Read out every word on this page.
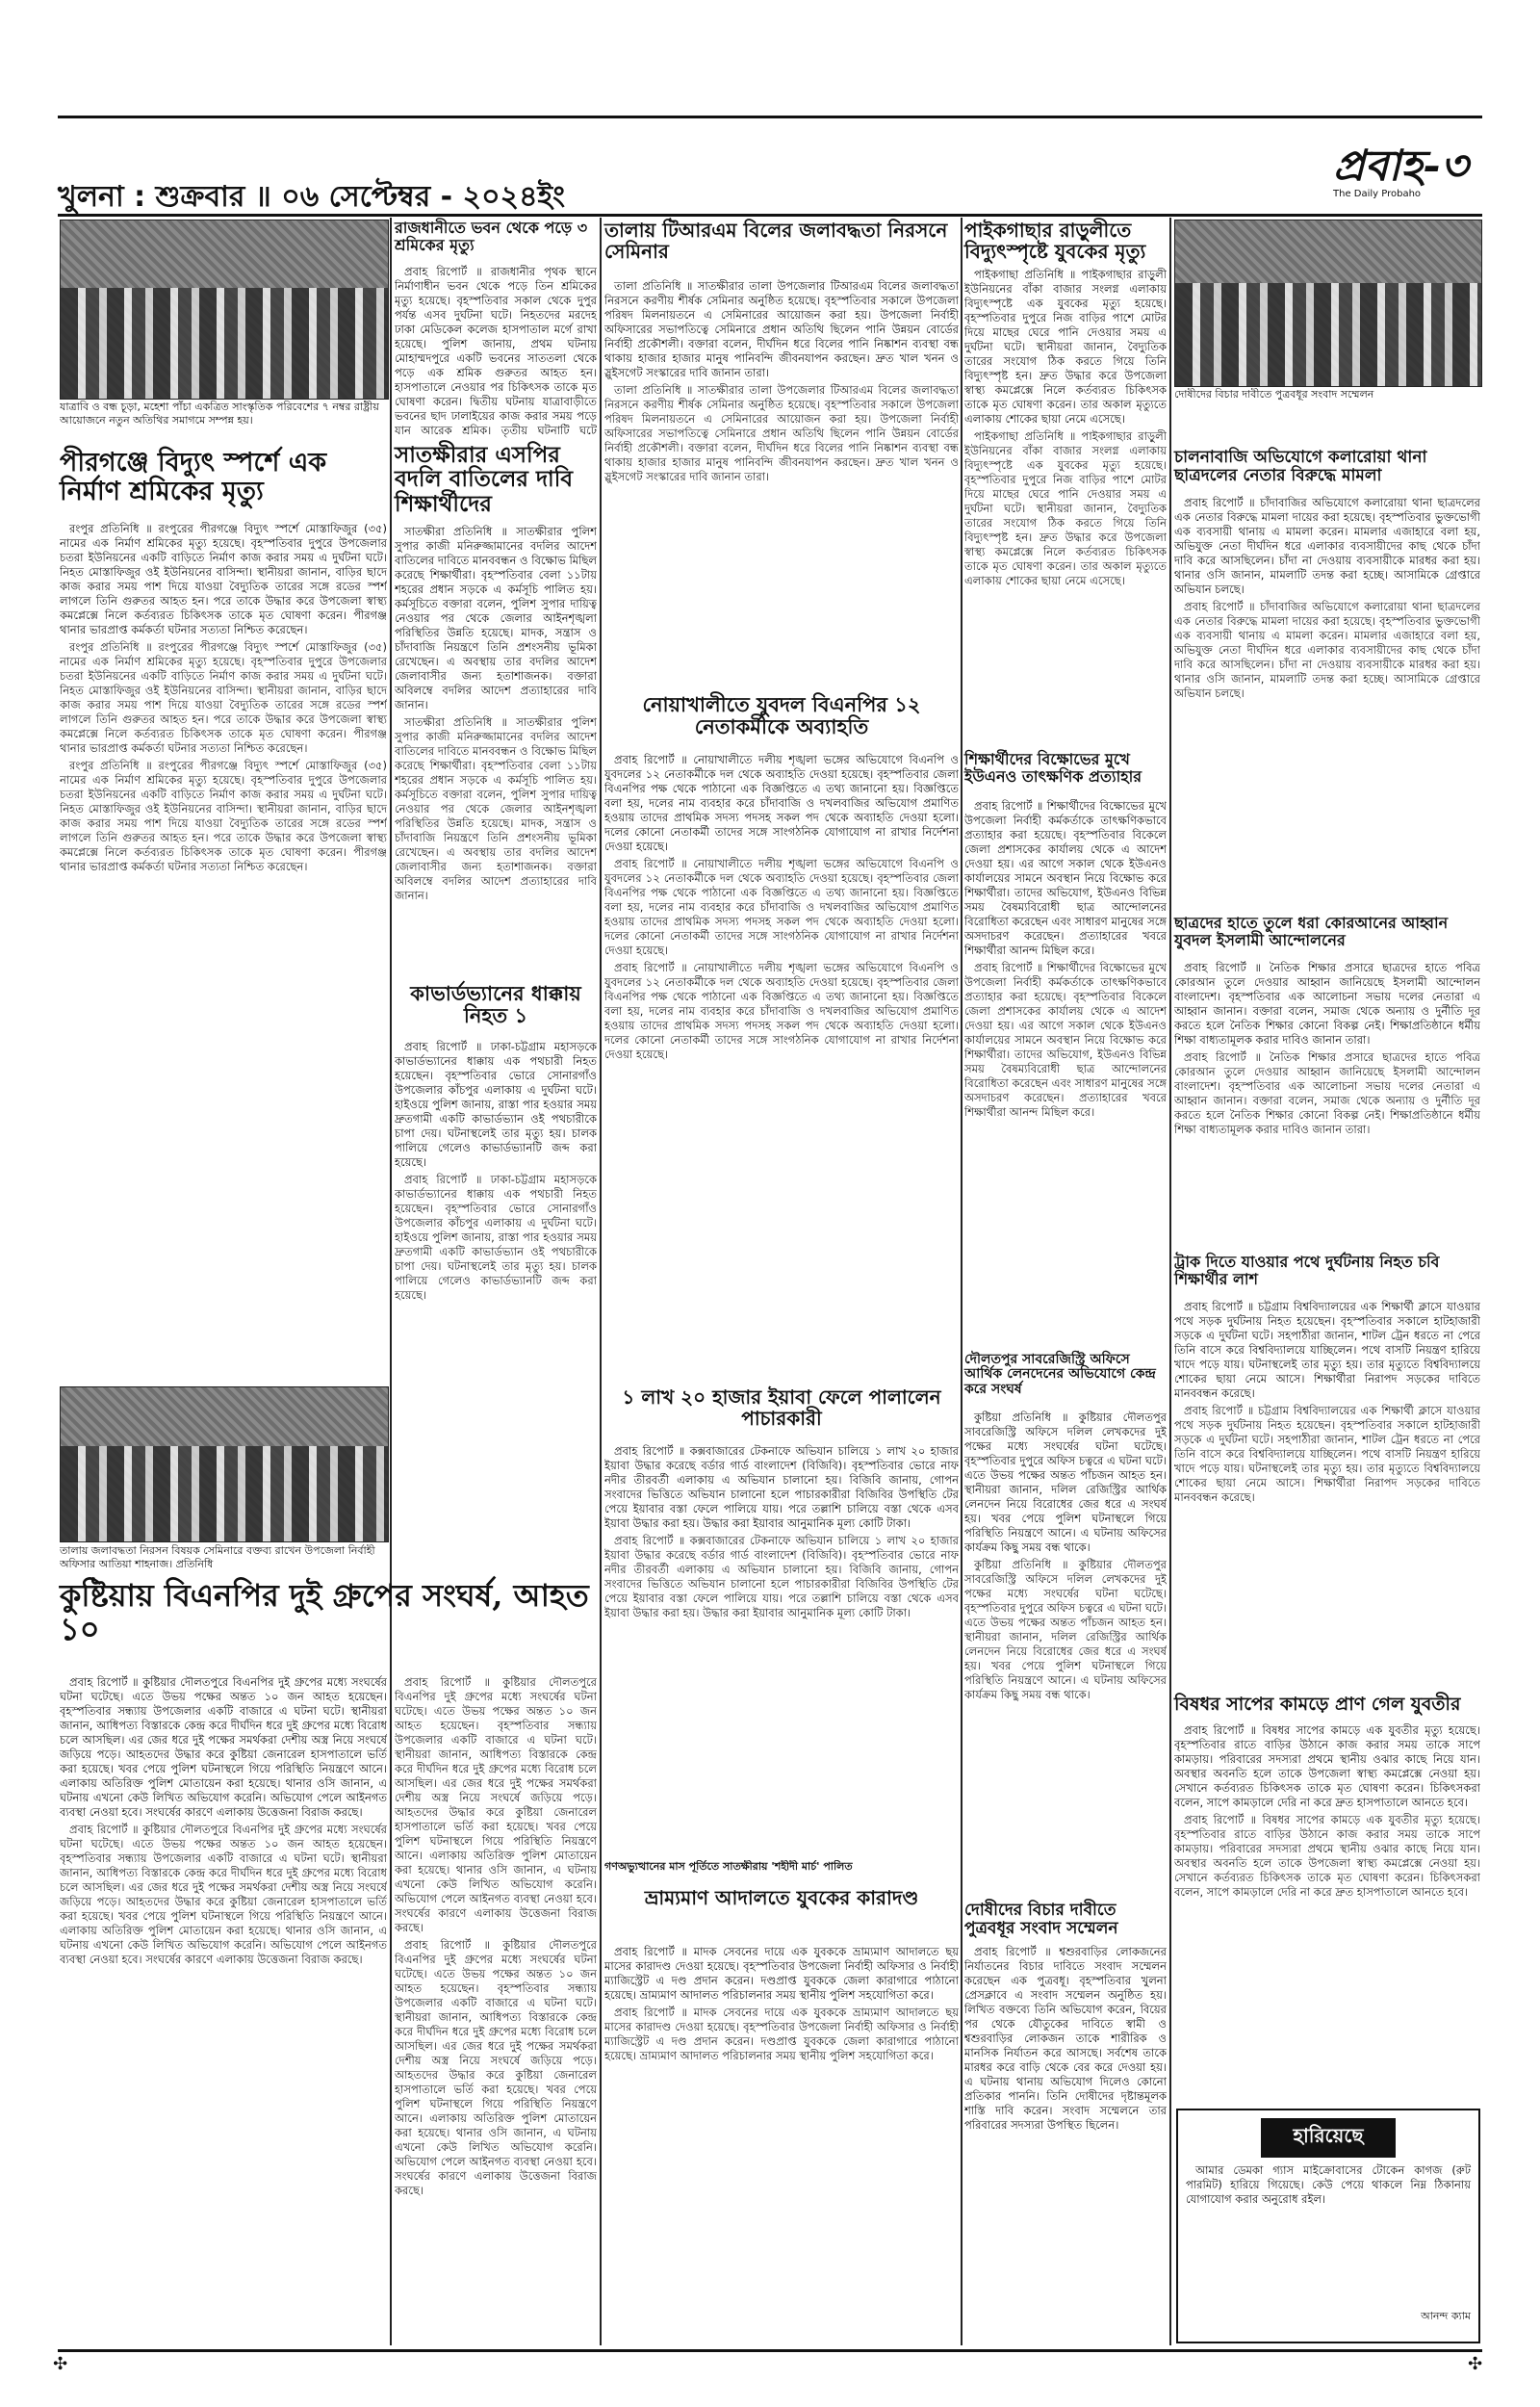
খুলনা : শুক্রবার ॥ ০৬ সেপ্টেম্বর - ২০২৪ইং
প্রবাহ-৩
The Daily Probaho
যাত্রাবি ও বন্ধ চূড়া, মহেশা পাঁচা একত্রিত সাংস্কৃতিক পরিবেশের ৭ নম্বর রাষ্ট্রীয় আয়োজনে নতুন অতিথির সমাগমে সম্পন্ন হয়।
পীরগঞ্জে বিদ্যুৎ স্পর্শে এক নির্মাণ শ্রমিকের মৃত্যু

রংপুর প্রতিনিধি ॥ রংপুরের পীরগঞ্জে বিদ্যুৎ স্পর্শে মোস্তাফিজুর (৩৫) নামের এক নির্মাণ শ্রমিকের মৃত্যু হয়েছে। বৃহস্পতিবার দুপুরে উপজেলার চতরা ইউনিয়নের একটি বাড়িতে নির্মাণ কাজ করার সময় এ দুর্ঘটনা ঘটে। নিহত মোস্তাফিজুর ওই ইউনিয়নের বাসিন্দা। স্থানীয়রা জানান, বাড়ির ছাদে কাজ করার সময় পাশ দিয়ে যাওয়া বৈদ্যুতিক তারের সঙ্গে রডের স্পর্শ লাগলে তিনি গুরুতর আহত হন। পরে তাকে উদ্ধার করে উপজেলা স্বাস্থ্য কমপ্লেক্সে নিলে কর্তব্যরত চিকিৎসক তাকে মৃত ঘোষণা করেন। পীরগঞ্জ থানার ভারপ্রাপ্ত কর্মকর্তা ঘটনার সত্যতা নিশ্চিত করেছেন।

রংপুর প্রতিনিধি ॥ রংপুরের পীরগঞ্জে বিদ্যুৎ স্পর্শে মোস্তাফিজুর (৩৫) নামের এক নির্মাণ শ্রমিকের মৃত্যু হয়েছে। বৃহস্পতিবার দুপুরে উপজেলার চতরা ইউনিয়নের একটি বাড়িতে নির্মাণ কাজ করার সময় এ দুর্ঘটনা ঘটে। নিহত মোস্তাফিজুর ওই ইউনিয়নের বাসিন্দা। স্থানীয়রা জানান, বাড়ির ছাদে কাজ করার সময় পাশ দিয়ে যাওয়া বৈদ্যুতিক তারের সঙ্গে রডের স্পর্শ লাগলে তিনি গুরুতর আহত হন। পরে তাকে উদ্ধার করে উপজেলা স্বাস্থ্য কমপ্লেক্সে নিলে কর্তব্যরত চিকিৎসক তাকে মৃত ঘোষণা করেন। পীরগঞ্জ থানার ভারপ্রাপ্ত কর্মকর্তা ঘটনার সত্যতা নিশ্চিত করেছেন।

রংপুর প্রতিনিধি ॥ রংপুরের পীরগঞ্জে বিদ্যুৎ স্পর্শে মোস্তাফিজুর (৩৫) নামের এক নির্মাণ শ্রমিকের মৃত্যু হয়েছে। বৃহস্পতিবার দুপুরে উপজেলার চতরা ইউনিয়নের একটি বাড়িতে নির্মাণ কাজ করার সময় এ দুর্ঘটনা ঘটে। নিহত মোস্তাফিজুর ওই ইউনিয়নের বাসিন্দা। স্থানীয়রা জানান, বাড়ির ছাদে কাজ করার সময় পাশ দিয়ে যাওয়া বৈদ্যুতিক তারের সঙ্গে রডের স্পর্শ লাগলে তিনি গুরুতর আহত হন। পরে তাকে উদ্ধার করে উপজেলা স্বাস্থ্য কমপ্লেক্সে নিলে কর্তব্যরত চিকিৎসক তাকে মৃত ঘোষণা করেন। পীরগঞ্জ থানার ভারপ্রাপ্ত কর্মকর্তা ঘটনার সত্যতা নিশ্চিত করেছেন।

সাতক্ষীরার এসপির বদলি বাতিলের দাবি শিক্ষার্থীদের

সাতক্ষীরা প্রতিনিধি ॥ সাতক্ষীরার পুলিশ সুপার কাজী মনিরুজ্জামানের বদলির আদেশ বাতিলের দাবিতে মানববন্ধন ও বিক্ষোভ মিছিল করেছে শিক্ষার্থীরা। বৃহস্পতিবার বেলা ১১টায় শহরের প্রধান সড়কে এ কর্মসূচি পালিত হয়। কর্মসূচিতে বক্তারা বলেন, পুলিশ সুপার দায়িত্ব নেওয়ার পর থেকে জেলার আইনশৃঙ্খলা পরিস্থিতির উন্নতি হয়েছে। মাদক, সন্ত্রাস ও চাঁদাবাজি নিয়ন্ত্রণে তিনি প্রশংসনীয় ভূমিকা রেখেছেন। এ অবস্থায় তার বদলির আদেশ জেলাবাসীর জন্য হতাশাজনক। বক্তারা অবিলম্বে বদলির আদেশ প্রত্যাহারের দাবি জানান।

সাতক্ষীরা প্রতিনিধি ॥ সাতক্ষীরার পুলিশ সুপার কাজী মনিরুজ্জামানের বদলির আদেশ বাতিলের দাবিতে মানববন্ধন ও বিক্ষোভ মিছিল করেছে শিক্ষার্থীরা। বৃহস্পতিবার বেলা ১১টায় শহরের প্রধান সড়কে এ কর্মসূচি পালিত হয়। কর্মসূচিতে বক্তারা বলেন, পুলিশ সুপার দায়িত্ব নেওয়ার পর থেকে জেলার আইনশৃঙ্খলা পরিস্থিতির উন্নতি হয়েছে। মাদক, সন্ত্রাস ও চাঁদাবাজি নিয়ন্ত্রণে তিনি প্রশংসনীয় ভূমিকা রেখেছেন। এ অবস্থায় তার বদলির আদেশ জেলাবাসীর জন্য হতাশাজনক। বক্তারা অবিলম্বে বদলির আদেশ প্রত্যাহারের দাবি জানান।

কাভার্ডভ্যানের ধাক্কায় নিহত ১

প্রবাহ রিপোর্ট ॥ ঢাকা-চট্টগ্রাম মহাসড়কে কাভার্ডভ্যানের ধাক্কায় এক পথচারী নিহত হয়েছেন। বৃহস্পতিবার ভোরে সোনারগাঁও উপজেলার কাঁচপুর এলাকায় এ দুর্ঘটনা ঘটে। হাইওয়ে পুলিশ জানায়, রাস্তা পার হওয়ার সময় দ্রুতগামী একটি কাভার্ডভ্যান ওই পথচারীকে চাপা দেয়। ঘটনাস্থলেই তার মৃত্যু হয়। চালক পালিয়ে গেলেও কাভার্ডভ্যানটি জব্দ করা হয়েছে।

প্রবাহ রিপোর্ট ॥ ঢাকা-চট্টগ্রাম মহাসড়কে কাভার্ডভ্যানের ধাক্কায় এক পথচারী নিহত হয়েছেন। বৃহস্পতিবার ভোরে সোনারগাঁও উপজেলার কাঁচপুর এলাকায় এ দুর্ঘটনা ঘটে। হাইওয়ে পুলিশ জানায়, রাস্তা পার হওয়ার সময় দ্রুতগামী একটি কাভার্ডভ্যান ওই পথচারীকে চাপা দেয়। ঘটনাস্থলেই তার মৃত্যু হয়। চালক পালিয়ে গেলেও কাভার্ডভ্যানটি জব্দ করা হয়েছে।

তালায় টিআরএম বিলের জলাবদ্ধতা নিরসনে সেমিনার

তালা প্রতিনিধি ॥ সাতক্ষীরার তালা উপজেলার টিআরএম বিলের জলাবদ্ধতা নিরসনে করণীয় শীর্ষক সেমিনার অনুষ্ঠিত হয়েছে। বৃহস্পতিবার সকালে উপজেলা পরিষদ মিলনায়তনে এ সেমিনারের আয়োজন করা হয়। উপজেলা নির্বাহী অফিসারের সভাপতিত্বে সেমিনারে প্রধান অতিথি ছিলেন পানি উন্নয়ন বোর্ডের নির্বাহী প্রকৌশলী। বক্তারা বলেন, দীর্ঘদিন ধরে বিলের পানি নিষ্কাশন ব্যবস্থা বন্ধ থাকায় হাজার হাজার মানুষ পানিবন্দি জীবনযাপন করছেন। দ্রুত খাল খনন ও স্লুইসগেট সংস্কারের দাবি জানান তারা।

তালা প্রতিনিধি ॥ সাতক্ষীরার তালা উপজেলার টিআরএম বিলের জলাবদ্ধতা নিরসনে করণীয় শীর্ষক সেমিনার অনুষ্ঠিত হয়েছে। বৃহস্পতিবার সকালে উপজেলা পরিষদ মিলনায়তনে এ সেমিনারের আয়োজন করা হয়। উপজেলা নির্বাহী অফিসারের সভাপতিত্বে সেমিনারে প্রধান অতিথি ছিলেন পানি উন্নয়ন বোর্ডের নির্বাহী প্রকৌশলী। বক্তারা বলেন, দীর্ঘদিন ধরে বিলের পানি নিষ্কাশন ব্যবস্থা বন্ধ থাকায় হাজার হাজার মানুষ পানিবন্দি জীবনযাপন করছেন। দ্রুত খাল খনন ও স্লুইসগেট সংস্কারের দাবি জানান তারা।

নোয়াখালীতে যুবদল বিএনপির ১২ নেতাকর্মীকে অব্যাহতি

প্রবাহ রিপোর্ট ॥ নোয়াখালীতে দলীয় শৃঙ্খলা ভঙ্গের অভিযোগে বিএনপি ও যুবদলের ১২ নেতাকর্মীকে দল থেকে অব্যাহতি দেওয়া হয়েছে। বৃহস্পতিবার জেলা বিএনপির পক্ষ থেকে পাঠানো এক বিজ্ঞপ্তিতে এ তথ্য জানানো হয়। বিজ্ঞপ্তিতে বলা হয়, দলের নাম ব্যবহার করে চাঁদাবাজি ও দখলবাজির অভিযোগ প্রমাণিত হওয়ায় তাদের প্রাথমিক সদস্য পদসহ সকল পদ থেকে অব্যাহতি দেওয়া হলো। দলের কোনো নেতাকর্মী তাদের সঙ্গে সাংগঠনিক যোগাযোগ না রাখার নির্দেশনা দেওয়া হয়েছে।

প্রবাহ রিপোর্ট ॥ নোয়াখালীতে দলীয় শৃঙ্খলা ভঙ্গের অভিযোগে বিএনপি ও যুবদলের ১২ নেতাকর্মীকে দল থেকে অব্যাহতি দেওয়া হয়েছে। বৃহস্পতিবার জেলা বিএনপির পক্ষ থেকে পাঠানো এক বিজ্ঞপ্তিতে এ তথ্য জানানো হয়। বিজ্ঞপ্তিতে বলা হয়, দলের নাম ব্যবহার করে চাঁদাবাজি ও দখলবাজির অভিযোগ প্রমাণিত হওয়ায় তাদের প্রাথমিক সদস্য পদসহ সকল পদ থেকে অব্যাহতি দেওয়া হলো। দলের কোনো নেতাকর্মী তাদের সঙ্গে সাংগঠনিক যোগাযোগ না রাখার নির্দেশনা দেওয়া হয়েছে।

প্রবাহ রিপোর্ট ॥ নোয়াখালীতে দলীয় শৃঙ্খলা ভঙ্গের অভিযোগে বিএনপি ও যুবদলের ১২ নেতাকর্মীকে দল থেকে অব্যাহতি দেওয়া হয়েছে। বৃহস্পতিবার জেলা বিএনপির পক্ষ থেকে পাঠানো এক বিজ্ঞপ্তিতে এ তথ্য জানানো হয়। বিজ্ঞপ্তিতে বলা হয়, দলের নাম ব্যবহার করে চাঁদাবাজি ও দখলবাজির অভিযোগ প্রমাণিত হওয়ায় তাদের প্রাথমিক সদস্য পদসহ সকল পদ থেকে অব্যাহতি দেওয়া হলো। দলের কোনো নেতাকর্মী তাদের সঙ্গে সাংগঠনিক যোগাযোগ না রাখার নির্দেশনা দেওয়া হয়েছে।

পাইকগাছার রাড়ুলীতে বিদ্যুৎস্পৃষ্টে যুবকের মৃত্যু

পাইকগাছা প্রতিনিধি ॥ পাইকগাছার রাড়ুলী ইউনিয়নের বাঁকা বাজার সংলগ্ন এলাকায় বিদ্যুৎস্পৃষ্টে এক যুবকের মৃত্যু হয়েছে। বৃহস্পতিবার দুপুরে নিজ বাড়ির পাশে মোটর দিয়ে মাছের ঘেরে পানি দেওয়ার সময় এ দুর্ঘটনা ঘটে। স্থানীয়রা জানান, বৈদ্যুতিক তারের সংযোগ ঠিক করতে গিয়ে তিনি বিদ্যুৎস্পৃষ্ট হন। দ্রুত উদ্ধার করে উপজেলা স্বাস্থ্য কমপ্লেক্সে নিলে কর্তব্যরত চিকিৎসক তাকে মৃত ঘোষণা করেন। তার অকাল মৃত্যুতে এলাকায় শোকের ছায়া নেমে এসেছে।

পাইকগাছা প্রতিনিধি ॥ পাইকগাছার রাড়ুলী ইউনিয়নের বাঁকা বাজার সংলগ্ন এলাকায় বিদ্যুৎস্পৃষ্টে এক যুবকের মৃত্যু হয়েছে। বৃহস্পতিবার দুপুরে নিজ বাড়ির পাশে মোটর দিয়ে মাছের ঘেরে পানি দেওয়ার সময় এ দুর্ঘটনা ঘটে। স্থানীয়রা জানান, বৈদ্যুতিক তারের সংযোগ ঠিক করতে গিয়ে তিনি বিদ্যুৎস্পৃষ্ট হন। দ্রুত উদ্ধার করে উপজেলা স্বাস্থ্য কমপ্লেক্সে নিলে কর্তব্যরত চিকিৎসক তাকে মৃত ঘোষণা করেন। তার অকাল মৃত্যুতে এলাকায় শোকের ছায়া নেমে এসেছে।

দোষীদের বিচার দাবীতে পুত্রবধূর সংবাদ সম্মেলন
চালনাবাজি অভিযোগে কলারোয়া থানা ছাত্রদলের নেতার বিরুদ্ধে মামলা

প্রবাহ রিপোর্ট ॥ চাঁদাবাজির অভিযোগে কলারোয়া থানা ছাত্রদলের এক নেতার বিরুদ্ধে মামলা দায়ের করা হয়েছে। বৃহস্পতিবার ভুক্তভোগী এক ব্যবসায়ী থানায় এ মামলা করেন। মামলার এজাহারে বলা হয়, অভিযুক্ত নেতা দীর্ঘদিন ধরে এলাকার ব্যবসায়ীদের কাছ থেকে চাঁদা দাবি করে আসছিলেন। চাঁদা না দেওয়ায় ব্যবসায়ীকে মারধর করা হয়। থানার ওসি জানান, মামলাটি তদন্ত করা হচ্ছে। আসামিকে গ্রেপ্তারে অভিযান চলছে।

প্রবাহ রিপোর্ট ॥ চাঁদাবাজির অভিযোগে কলারোয়া থানা ছাত্রদলের এক নেতার বিরুদ্ধে মামলা দায়ের করা হয়েছে। বৃহস্পতিবার ভুক্তভোগী এক ব্যবসায়ী থানায় এ মামলা করেন। মামলার এজাহারে বলা হয়, অভিযুক্ত নেতা দীর্ঘদিন ধরে এলাকার ব্যবসায়ীদের কাছ থেকে চাঁদা দাবি করে আসছিলেন। চাঁদা না দেওয়ায় ব্যবসায়ীকে মারধর করা হয়। থানার ওসি জানান, মামলাটি তদন্ত করা হচ্ছে। আসামিকে গ্রেপ্তারে অভিযান চলছে।

ছাত্রদের হাতে তুলে ধরা কোরআনের আহ্বান যুবদল ইসলামী আন্দোলনের

প্রবাহ রিপোর্ট ॥ নৈতিক শিক্ষার প্রসারে ছাত্রদের হাতে পবিত্র কোরআন তুলে দেওয়ার আহ্বান জানিয়েছে ইসলামী আন্দোলন বাংলাদেশ। বৃহস্পতিবার এক আলোচনা সভায় দলের নেতারা এ আহ্বান জানান। বক্তারা বলেন, সমাজ থেকে অন্যায় ও দুর্নীতি দূর করতে হলে নৈতিক শিক্ষার কোনো বিকল্প নেই। শিক্ষাপ্রতিষ্ঠানে ধর্মীয় শিক্ষা বাধ্যতামূলক করার দাবিও জানান তারা।

প্রবাহ রিপোর্ট ॥ নৈতিক শিক্ষার প্রসারে ছাত্রদের হাতে পবিত্র কোরআন তুলে দেওয়ার আহ্বান জানিয়েছে ইসলামী আন্দোলন বাংলাদেশ। বৃহস্পতিবার এক আলোচনা সভায় দলের নেতারা এ আহ্বান জানান। বক্তারা বলেন, সমাজ থেকে অন্যায় ও দুর্নীতি দূর করতে হলে নৈতিক শিক্ষার কোনো বিকল্প নেই। শিক্ষাপ্রতিষ্ঠানে ধর্মীয় শিক্ষা বাধ্যতামূলক করার দাবিও জানান তারা।

ট্রাক দিতে যাওয়ার পথে দুর্ঘটনায় নিহত চবি শিক্ষার্থীর লাশ

প্রবাহ রিপোর্ট ॥ চট্টগ্রাম বিশ্ববিদ্যালয়ের এক শিক্ষার্থী ক্লাসে যাওয়ার পথে সড়ক দুর্ঘটনায় নিহত হয়েছেন। বৃহস্পতিবার সকালে হাটহাজারী সড়কে এ দুর্ঘটনা ঘটে। সহপাঠীরা জানান, শাটল ট্রেন ধরতে না পেরে তিনি বাসে করে বিশ্ববিদ্যালয়ে যাচ্ছিলেন। পথে বাসটি নিয়ন্ত্রণ হারিয়ে খাদে পড়ে যায়। ঘটনাস্থলেই তার মৃত্যু হয়। তার মৃত্যুতে বিশ্ববিদ্যালয়ে শোকের ছায়া নেমে আসে। শিক্ষার্থীরা নিরাপদ সড়কের দাবিতে মানববন্ধন করেছে।

প্রবাহ রিপোর্ট ॥ চট্টগ্রাম বিশ্ববিদ্যালয়ের এক শিক্ষার্থী ক্লাসে যাওয়ার পথে সড়ক দুর্ঘটনায় নিহত হয়েছেন। বৃহস্পতিবার সকালে হাটহাজারী সড়কে এ দুর্ঘটনা ঘটে। সহপাঠীরা জানান, শাটল ট্রেন ধরতে না পেরে তিনি বাসে করে বিশ্ববিদ্যালয়ে যাচ্ছিলেন। পথে বাসটি নিয়ন্ত্রণ হারিয়ে খাদে পড়ে যায়। ঘটনাস্থলেই তার মৃত্যু হয়। তার মৃত্যুতে বিশ্ববিদ্যালয়ে শোকের ছায়া নেমে আসে। শিক্ষার্থীরা নিরাপদ সড়কের দাবিতে মানববন্ধন করেছে।

বিষধর সাপের কামড়ে প্রাণ গেল যুবতীর

প্রবাহ রিপোর্ট ॥ বিষধর সাপের কামড়ে এক যুবতীর মৃত্যু হয়েছে। বৃহস্পতিবার রাতে বাড়ির উঠানে কাজ করার সময় তাকে সাপে কামড়ায়। পরিবারের সদস্যরা প্রথমে স্থানীয় ওঝার কাছে নিয়ে যান। অবস্থার অবনতি হলে তাকে উপজেলা স্বাস্থ্য কমপ্লেক্সে নেওয়া হয়। সেখানে কর্তব্যরত চিকিৎসক তাকে মৃত ঘোষণা করেন। চিকিৎসকরা বলেন, সাপে কামড়ালে দেরি না করে দ্রুত হাসপাতালে আনতে হবে।

প্রবাহ রিপোর্ট ॥ বিষধর সাপের কামড়ে এক যুবতীর মৃত্যু হয়েছে। বৃহস্পতিবার রাতে বাড়ির উঠানে কাজ করার সময় তাকে সাপে কামড়ায়। পরিবারের সদস্যরা প্রথমে স্থানীয় ওঝার কাছে নিয়ে যান। অবস্থার অবনতি হলে তাকে উপজেলা স্বাস্থ্য কমপ্লেক্সে নেওয়া হয়। সেখানে কর্তব্যরত চিকিৎসক তাকে মৃত ঘোষণা করেন। চিকিৎসকরা বলেন, সাপে কামড়ালে দেরি না করে দ্রুত হাসপাতালে আনতে হবে।

দোষীদের বিচার দাবীতে পুত্রবধূর সংবাদ সম্মেলন

প্রবাহ রিপোর্ট ॥ শ্বশুরবাড়ির লোকজনের নির্যাতনের বিচার দাবিতে সংবাদ সম্মেলন করেছেন এক পুত্রবধূ। বৃহস্পতিবার খুলনা প্রেসক্লাবে এ সংবাদ সম্মেলন অনুষ্ঠিত হয়। লিখিত বক্তব্যে তিনি অভিযোগ করেন, বিয়ের পর থেকে যৌতুকের দাবিতে স্বামী ও শ্বশুরবাড়ির লোকজন তাকে শারীরিক ও মানসিক নির্যাতন করে আসছে। সর্বশেষ তাকে মারধর করে বাড়ি থেকে বের করে দেওয়া হয়। এ ঘটনায় থানায় অভিযোগ দিলেও কোনো প্রতিকার পাননি। তিনি দোষীদের দৃষ্টান্তমূলক শাস্তি দাবি করেন। সংবাদ সম্মেলনে তার পরিবারের সদস্যরা উপস্থিত ছিলেন।	হারিয়েছে

আমার ডেমকা গ্যাস মাইক্রোবাসের টোকেন কাগজ (রুট পারমিট) হারিয়ে গিয়েছে। কেউ পেয়ে থাকলে নিম্ন ঠিকানায় যোগাযোগ করার অনুরোধ রইল।

আনন্দ ক্যাম
শিক্ষার্থীদের বিক্ষোভের মুখে ইউএনও তাৎক্ষণিক প্রত্যাহার

প্রবাহ রিপোর্ট ॥ শিক্ষার্থীদের বিক্ষোভের মুখে উপজেলা নির্বাহী কর্মকর্তাকে তাৎক্ষণিকভাবে প্রত্যাহার করা হয়েছে। বৃহস্পতিবার বিকেলে জেলা প্রশাসকের কার্যালয় থেকে এ আদেশ দেওয়া হয়। এর আগে সকাল থেকে ইউএনও কার্যালয়ের সামনে অবস্থান নিয়ে বিক্ষোভ করে শিক্ষার্থীরা। তাদের অভিযোগ, ইউএনও বিভিন্ন সময় বৈষম্যবিরোধী ছাত্র আন্দোলনের বিরোধিতা করেছেন এবং সাধারণ মানুষের সঙ্গে অসদাচরণ করেছেন। প্রত্যাহারের খবরে শিক্ষার্থীরা আনন্দ মিছিল করে।

প্রবাহ রিপোর্ট ॥ শিক্ষার্থীদের বিক্ষোভের মুখে উপজেলা নির্বাহী কর্মকর্তাকে তাৎক্ষণিকভাবে প্রত্যাহার করা হয়েছে। বৃহস্পতিবার বিকেলে জেলা প্রশাসকের কার্যালয় থেকে এ আদেশ দেওয়া হয়। এর আগে সকাল থেকে ইউএনও কার্যালয়ের সামনে অবস্থান নিয়ে বিক্ষোভ করে শিক্ষার্থীরা। তাদের অভিযোগ, ইউএনও বিভিন্ন সময় বৈষম্যবিরোধী ছাত্র আন্দোলনের বিরোধিতা করেছেন এবং সাধারণ মানুষের সঙ্গে অসদাচরণ করেছেন। প্রত্যাহারের খবরে শিক্ষার্থীরা আনন্দ মিছিল করে।

দৌলতপুর সাবরেজিস্ট্রি অফিসে আর্থিক লেনদেনের অভিযোগে কেন্দ্র করে সংঘর্ষ

কুষ্টিয়া প্রতিনিধি ॥ কুষ্টিয়ার দৌলতপুর সাবরেজিস্ট্রি অফিসে দলিল লেখকদের দুই পক্ষের মধ্যে সংঘর্ষের ঘটনা ঘটেছে। বৃহস্পতিবার দুপুরে অফিস চত্বরে এ ঘটনা ঘটে। এতে উভয় পক্ষের অন্তত পাঁচজন আহত হন। স্থানীয়রা জানান, দলিল রেজিস্ট্রির আর্থিক লেনদেন নিয়ে বিরোধের জের ধরে এ সংঘর্ষ হয়। খবর পেয়ে পুলিশ ঘটনাস্থলে গিয়ে পরিস্থিতি নিয়ন্ত্রণে আনে। এ ঘটনায় অফিসের কার্যক্রম কিছু সময় বন্ধ থাকে।

কুষ্টিয়া প্রতিনিধি ॥ কুষ্টিয়ার দৌলতপুর সাবরেজিস্ট্রি অফিসে দলিল লেখকদের দুই পক্ষের মধ্যে সংঘর্ষের ঘটনা ঘটেছে। বৃহস্পতিবার দুপুরে অফিস চত্বরে এ ঘটনা ঘটে। এতে উভয় পক্ষের অন্তত পাঁচজন আহত হন। স্থানীয়রা জানান, দলিল রেজিস্ট্রির আর্থিক লেনদেন নিয়ে বিরোধের জের ধরে এ সংঘর্ষ হয়। খবর পেয়ে পুলিশ ঘটনাস্থলে গিয়ে পরিস্থিতি নিয়ন্ত্রণে আনে। এ ঘটনায় অফিসের কার্যক্রম কিছু সময় বন্ধ থাকে।

তালায় জলাবদ্ধতা নিরসন বিষয়ক সেমিনারে বক্তব্য রাখেন উপজেলা নির্বাহী অফিসার আতিয়া শাহনাজ। প্রতিনিধি
কুষ্টিয়ায় বিএনপির দুই গ্রুপের সংঘর্ষ, আহত ১০

প্রবাহ রিপোর্ট ॥ কুষ্টিয়ার দৌলতপুরে বিএনপির দুই গ্রুপের মধ্যে সংঘর্ষের ঘটনা ঘটেছে। এতে উভয় পক্ষের অন্তত ১০ জন আহত হয়েছেন। বৃহস্পতিবার সন্ধ্যায় উপজেলার একটি বাজারে এ ঘটনা ঘটে। স্থানীয়রা জানান, আধিপত্য বিস্তারকে কেন্দ্র করে দীর্ঘদিন ধরে দুই গ্রুপের মধ্যে বিরোধ চলে আসছিল। এর জের ধরে দুই পক্ষের সমর্থকরা দেশীয় অস্ত্র নিয়ে সংঘর্ষে জড়িয়ে পড়ে। আহতদের উদ্ধার করে কুষ্টিয়া জেনারেল হাসপাতালে ভর্তি করা হয়েছে। খবর পেয়ে পুলিশ ঘটনাস্থলে গিয়ে পরিস্থিতি নিয়ন্ত্রণে আনে। এলাকায় অতিরিক্ত পুলিশ মোতায়েন করা হয়েছে। থানার ওসি জানান, এ ঘটনায় এখনো কেউ লিখিত অভিযোগ করেনি। অভিযোগ পেলে আইনগত ব্যবস্থা নেওয়া হবে। সংঘর্ষের কারণে এলাকায় উত্তেজনা বিরাজ করছে।

প্রবাহ রিপোর্ট ॥ কুষ্টিয়ার দৌলতপুরে বিএনপির দুই গ্রুপের মধ্যে সংঘর্ষের ঘটনা ঘটেছে। এতে উভয় পক্ষের অন্তত ১০ জন আহত হয়েছেন। বৃহস্পতিবার সন্ধ্যায় উপজেলার একটি বাজারে এ ঘটনা ঘটে। স্থানীয়রা জানান, আধিপত্য বিস্তারকে কেন্দ্র করে দীর্ঘদিন ধরে দুই গ্রুপের মধ্যে বিরোধ চলে আসছিল। এর জের ধরে দুই পক্ষের সমর্থকরা দেশীয় অস্ত্র নিয়ে সংঘর্ষে জড়িয়ে পড়ে। আহতদের উদ্ধার করে কুষ্টিয়া জেনারেল হাসপাতালে ভর্তি করা হয়েছে। খবর পেয়ে পুলিশ ঘটনাস্থলে গিয়ে পরিস্থিতি নিয়ন্ত্রণে আনে। এলাকায় অতিরিক্ত পুলিশ মোতায়েন করা হয়েছে। থানার ওসি জানান, এ ঘটনায় এখনো কেউ লিখিত অভিযোগ করেনি। অভিযোগ পেলে আইনগত ব্যবস্থা নেওয়া হবে। সংঘর্ষের কারণে এলাকায় উত্তেজনা বিরাজ করছে।

প্রবাহ রিপোর্ট ॥ কুষ্টিয়ার দৌলতপুরে বিএনপির দুই গ্রুপের মধ্যে সংঘর্ষের ঘটনা ঘটেছে। এতে উভয় পক্ষের অন্তত ১০ জন আহত হয়েছেন। বৃহস্পতিবার সন্ধ্যায় উপজেলার একটি বাজারে এ ঘটনা ঘটে। স্থানীয়রা জানান, আধিপত্য বিস্তারকে কেন্দ্র করে দীর্ঘদিন ধরে দুই গ্রুপের মধ্যে বিরোধ চলে আসছিল। এর জের ধরে দুই পক্ষের সমর্থকরা দেশীয় অস্ত্র নিয়ে সংঘর্ষে জড়িয়ে পড়ে। আহতদের উদ্ধার করে কুষ্টিয়া জেনারেল হাসপাতালে ভর্তি করা হয়েছে। খবর পেয়ে পুলিশ ঘটনাস্থলে গিয়ে পরিস্থিতি নিয়ন্ত্রণে আনে। এলাকায় অতিরিক্ত পুলিশ মোতায়েন করা হয়েছে। থানার ওসি জানান, এ ঘটনায় এখনো কেউ লিখিত অভিযোগ করেনি। অভিযোগ পেলে আইনগত ব্যবস্থা নেওয়া হবে। সংঘর্ষের কারণে এলাকায় উত্তেজনা বিরাজ করছে।

প্রবাহ রিপোর্ট ॥ কুষ্টিয়ার দৌলতপুরে বিএনপির দুই গ্রুপের মধ্যে সংঘর্ষের ঘটনা ঘটেছে। এতে উভয় পক্ষের অন্তত ১০ জন আহত হয়েছেন। বৃহস্পতিবার সন্ধ্যায় উপজেলার একটি বাজারে এ ঘটনা ঘটে। স্থানীয়রা জানান, আধিপত্য বিস্তারকে কেন্দ্র করে দীর্ঘদিন ধরে দুই গ্রুপের মধ্যে বিরোধ চলে আসছিল। এর জের ধরে দুই পক্ষের সমর্থকরা দেশীয় অস্ত্র নিয়ে সংঘর্ষে জড়িয়ে পড়ে। আহতদের উদ্ধার করে কুষ্টিয়া জেনারেল হাসপাতালে ভর্তি করা হয়েছে। খবর পেয়ে পুলিশ ঘটনাস্থলে গিয়ে পরিস্থিতি নিয়ন্ত্রণে আনে। এলাকায় অতিরিক্ত পুলিশ মোতায়েন করা হয়েছে। থানার ওসি জানান, এ ঘটনায় এখনো কেউ লিখিত অভিযোগ করেনি। অভিযোগ পেলে আইনগত ব্যবস্থা নেওয়া হবে। সংঘর্ষের কারণে এলাকায় উত্তেজনা বিরাজ করছে।

১ লাখ ২০ হাজার ইয়াবা ফেলে পালালেন পাচারকারী

প্রবাহ রিপোর্ট ॥ কক্সবাজারের টেকনাফে অভিযান চালিয়ে ১ লাখ ২০ হাজার ইয়াবা উদ্ধার করেছে বর্ডার গার্ড বাংলাদেশ (বিজিবি)। বৃহস্পতিবার ভোরে নাফ নদীর তীরবর্তী এলাকায় এ অভিযান চালানো হয়। বিজিবি জানায়, গোপন সংবাদের ভিত্তিতে অভিযান চালানো হলে পাচারকারীরা বিজিবির উপস্থিতি টের পেয়ে ইয়াবার বস্তা ফেলে পালিয়ে যায়। পরে তল্লাশি চালিয়ে বস্তা থেকে এসব ইয়াবা উদ্ধার করা হয়। উদ্ধার করা ইয়াবার আনুমানিক মূল্য কোটি টাকা।

প্রবাহ রিপোর্ট ॥ কক্সবাজারের টেকনাফে অভিযান চালিয়ে ১ লাখ ২০ হাজার ইয়াবা উদ্ধার করেছে বর্ডার গার্ড বাংলাদেশ (বিজিবি)। বৃহস্পতিবার ভোরে নাফ নদীর তীরবর্তী এলাকায় এ অভিযান চালানো হয়। বিজিবি জানায়, গোপন সংবাদের ভিত্তিতে অভিযান চালানো হলে পাচারকারীরা বিজিবির উপস্থিতি টের পেয়ে ইয়াবার বস্তা ফেলে পালিয়ে যায়। পরে তল্লাশি চালিয়ে বস্তা থেকে এসব ইয়াবা উদ্ধার করা হয়। উদ্ধার করা ইয়াবার আনুমানিক মূল্য কোটি টাকা।

ভ্রাম্যমাণ আদালতে যুবকের কারাদণ্ড

প্রবাহ রিপোর্ট ॥ মাদক সেবনের দায়ে এক যুবককে ভ্রাম্যমাণ আদালতে ছয় মাসের কারাদণ্ড দেওয়া হয়েছে। বৃহস্পতিবার উপজেলা নির্বাহী অফিসার ও নির্বাহী ম্যাজিস্ট্রেট এ দণ্ড প্রদান করেন। দণ্ডপ্রাপ্ত যুবককে জেলা কারাগারে পাঠানো হয়েছে। ভ্রাম্যমাণ আদালত পরিচালনার সময় স্থানীয় পুলিশ সহযোগিতা করে।

প্রবাহ রিপোর্ট ॥ মাদক সেবনের দায়ে এক যুবককে ভ্রাম্যমাণ আদালতে ছয় মাসের কারাদণ্ড দেওয়া হয়েছে। বৃহস্পতিবার উপজেলা নির্বাহী অফিসার ও নির্বাহী ম্যাজিস্ট্রেট এ দণ্ড প্রদান করেন। দণ্ডপ্রাপ্ত যুবককে জেলা কারাগারে পাঠানো হয়েছে। ভ্রাম্যমাণ আদালত পরিচালনার সময় স্থানীয় পুলিশ সহযোগিতা করে।

রাজধানীতে ভবন থেকে পড়ে ৩ শ্রমিকের মৃত্যু

প্রবাহ রিপোর্ট ॥ রাজধানীর পৃথক স্থানে নির্মাণাধীন ভবন থেকে পড়ে তিন শ্রমিকের মৃত্যু হয়েছে। বৃহস্পতিবার সকাল থেকে দুপুর পর্যন্ত এসব দুর্ঘটনা ঘটে। নিহতদের মরদেহ ঢাকা মেডিকেল কলেজ হাসপাতাল মর্গে রাখা হয়েছে। পুলিশ জানায়, প্রথম ঘটনায় মোহাম্মদপুরে একটি ভবনের সাততলা থেকে পড়ে এক শ্রমিক গুরুতর আহত হন। হাসপাতালে নেওয়ার পর চিকিৎসক তাকে মৃত ঘোষণা করেন। দ্বিতীয় ঘটনায় যাত্রাবাড়ীতে ভবনের ছাদ ঢালাইয়ের কাজ করার সময় পড়ে যান আরেক শ্রমিক। তৃতীয় ঘটনাটি ঘটে

গণঅভ্যুত্থানের মাস পূর্তিতে সাতক্ষীরায় 'শহীদী মার্চ' পালিত
✣	✣
